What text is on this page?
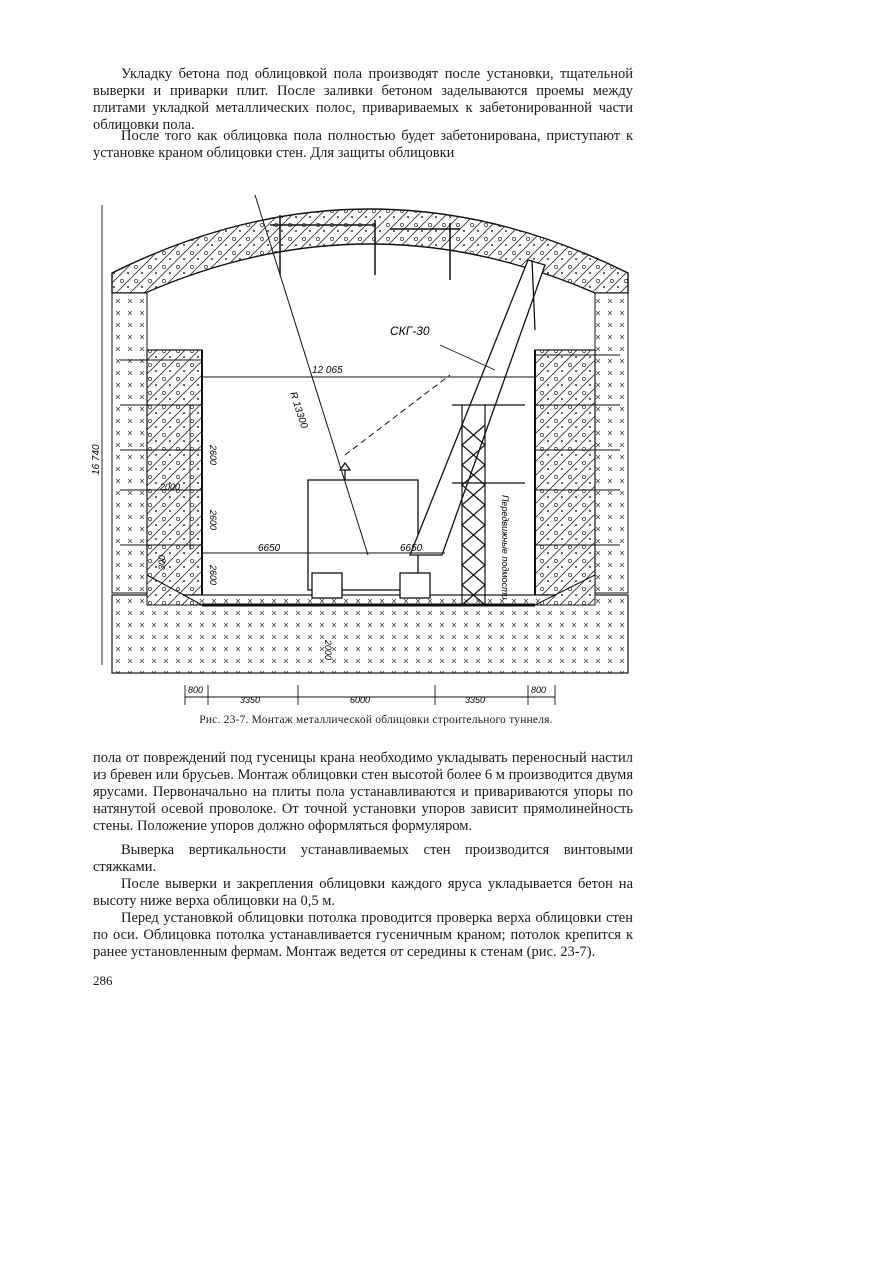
Укладку бетона под облицовкой пола производят после установки, тщательной выверки и приварки плит. После заливки бетоном заделываются проемы между плитами укладкой металлических полос, привариваемых к забетонированной части облицовки пола.
После того как облицовка пола полностью будет забетонирована, приступают к установке краном облицовки стен. Для защиты облицовки
СКГ-30
12 065
R 13300
16 740	2600
2600
2600
2000
300
2000
6650	6650	Передвижные подмости
800
3350	6000	3350
800
Рис. 23-7. Монтаж металлической облицовки строительного туннеля.
пола от повреждений под гусеницы крана необходимо укладывать переносный настил из бревен или брусьев. Монтаж облицовки стен высотой более 6 м производится двумя ярусами. Первоначально на плиты пола устанавливаются и привариваются упоры по натянутой осевой проволоке. От точной установки упоров зависит прямолинейность стены. Положение упоров должно оформляться формуляром.
Выверка вертикальности устанавливаемых стен производится винтовыми стяжками.
После выверки и закрепления облицовки каждого яруса укладывается бетон на высоту ниже верха облицовки на 0,5 м.
Перед установкой облицовки потолка проводится проверка верха облицовки стен по оси. Облицовка потолка устанавливается гусеничным краном; потолок крепится к ранее установленным фермам. Монтаж ведется от середины к стенам (рис. 23-7).
286
